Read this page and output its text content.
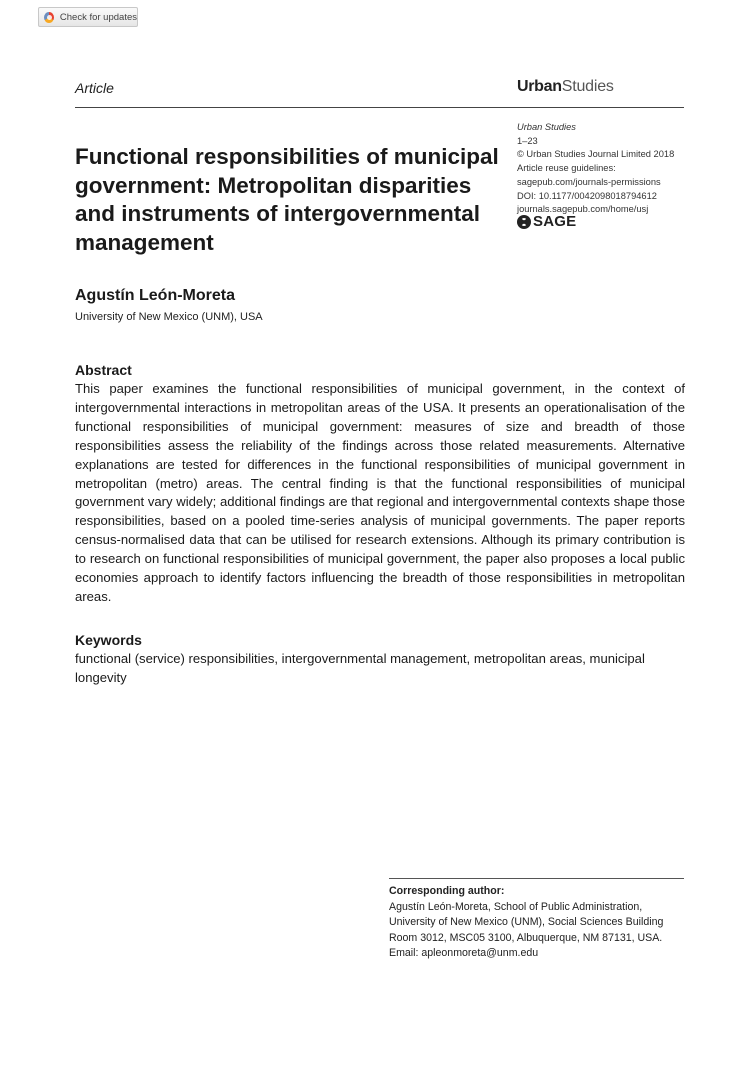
Check for updates
Article	UrbanStudies
Urban Studies
1–23
© Urban Studies Journal Limited 2018
Article reuse guidelines:
sagepub.com/journals-permissions
DOI: 10.1177/0042098018794612
journals.sagepub.com/home/usj
SAGE
Functional responsibilities of municipal government: Metropolitan disparities and instruments of intergovernmental management
Agustín León-Moreta
University of New Mexico (UNM), USA
Abstract

This paper examines the functional responsibilities of municipal government, in the context of intergovernmental interactions in metropolitan areas of the USA. It presents an operationalisation of the functional responsibilities of municipal government: measures of size and breadth of those responsibilities assess the reliability of the findings across those related measurements. Alternative explanations are tested for differences in the functional responsibilities of municipal government in metropolitan (metro) areas. The central finding is that the functional responsibilities of municipal government vary widely; additional findings are that regional and intergovernmental contexts shape those responsibilities, based on a pooled time-series analysis of municipal governments. The paper reports census-normalised data that can be utilised for research extensions. Although its primary contribution is to research on functional responsibilities of municipal government, the paper also proposes a local public economies approach to identify factors influencing the breadth of those responsibilities in metropolitan areas.

Keywords

functional (service) responsibilities, intergovernmental management, metropolitan areas, municipal longevity

Corresponding author:
Agustín León-Moreta, School of Public Administration,
University of New Mexico (UNM), Social Sciences Building
Room 3012, MSC05 3100, Albuquerque, NM 87131, USA.
Email: apleonmoreta@unm.edu
